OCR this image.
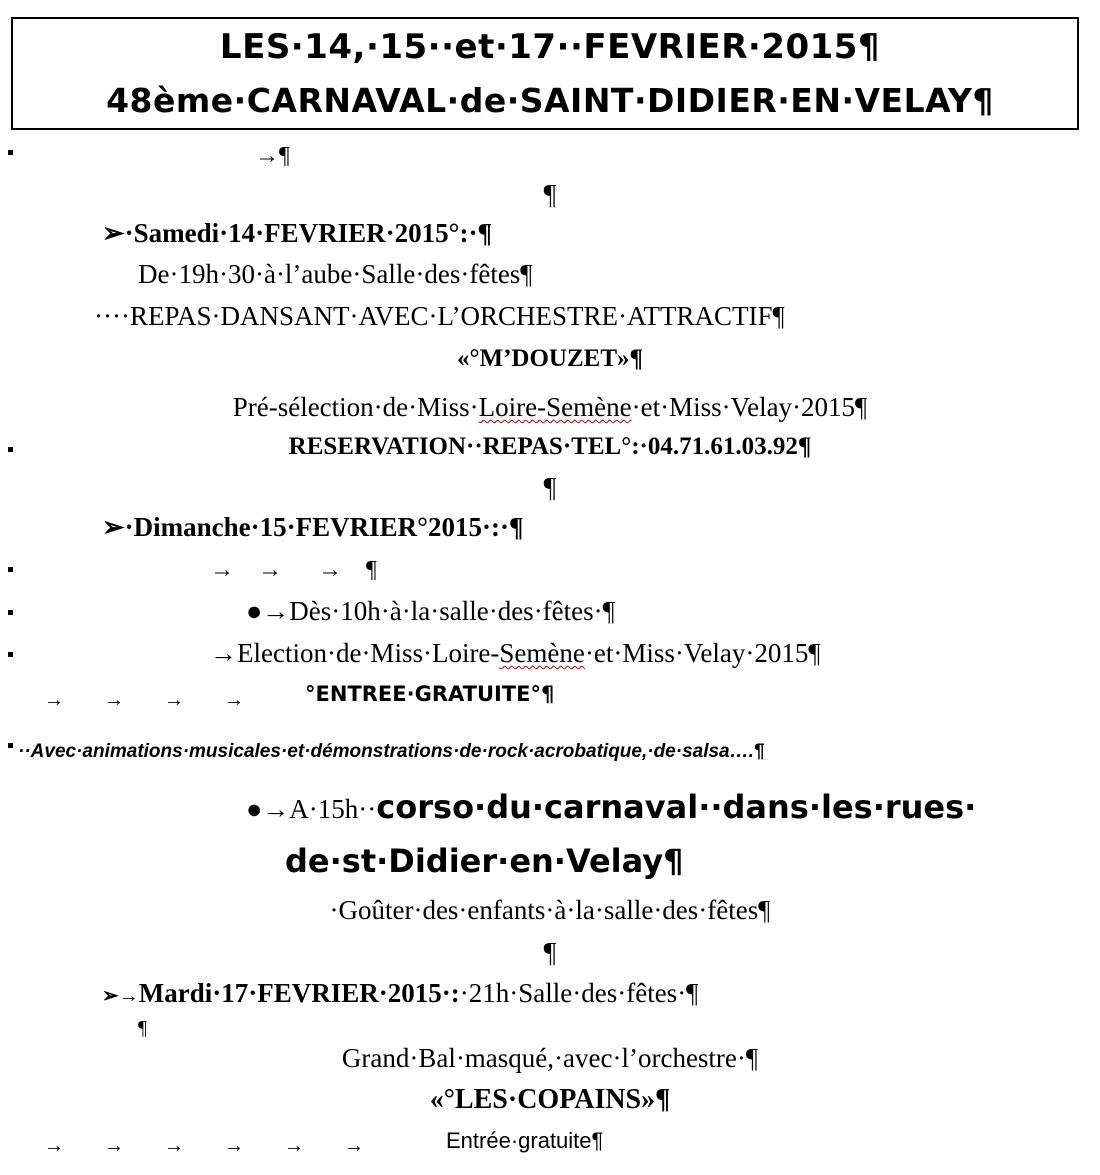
LES·14,·15··et·17··FEVRIER·2015¶
48ème·CARNAVAL·de·SAINT·DIDIER·EN·VELAY¶
→¶
¶
➢·Samedi·14·FEVRIER·2015°:·¶
De·19h·30·à·l’aube·Salle·des·fêtes¶
····REPAS·DANSANT·AVEC·L’ORCHESTRE·ATTRACTIF¶
«°M’DOUZET»¶
Pré-sélection·de·Miss·Loire-Semène·et·Miss·Velay·2015¶
RESERVATION··REPAS·TEL°:·04.71.61.03.92¶
¶
➢·Dimanche·15·FEVRIER°2015·:·¶
→    →      →    ¶
●→Dès·10h·à·la·salle·des·fêtes·¶
→Election·de·Miss·Loire-Semène·et·Miss·Velay·2015¶
→        →        →        →	°ENTREE·GRATUITE°¶
··Avec·animations·musicales·et·démonstrations·de·rock·acrobatique,·de·salsa….¶
●→A·15h··corso·du·carnaval··dans·les·rues·
de·st·Didier·en·Velay¶
·Goûter·des·enfants·à·la·salle·des·fêtes¶
¶
➢→Mardi·17·FEVRIER·2015·:·21h·Salle·des·fêtes·¶
¶
Grand·Bal·masqué,·avec·l’orchestre·¶
«°LES·COPAINS»¶
→        →        →        →        →        →	Entrée·gratuite¶
